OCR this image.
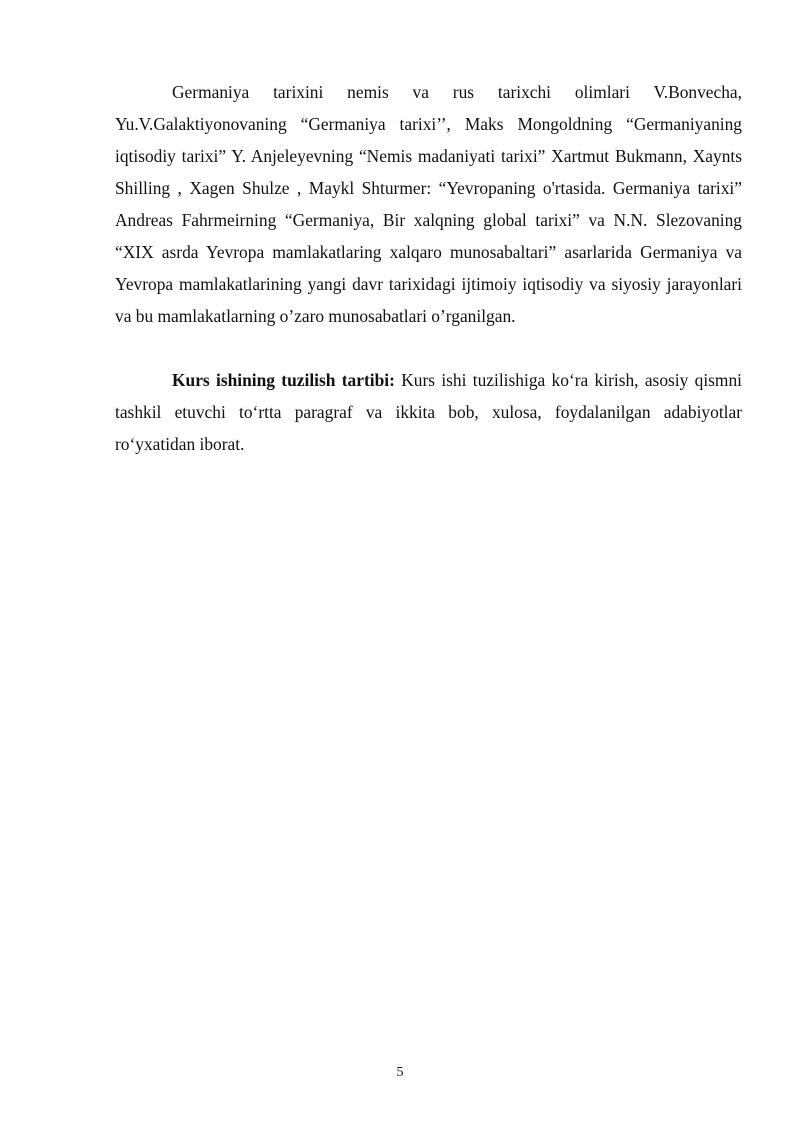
Germaniya tarixini nemis va rus tarixchi olimlari V.Bonvecha, Yu.V.Galaktiyonovaning “Germaniya tarixi’’, Maks Mongoldning “Germaniyaning iqtisodiy tarixi” Y. Anjeleyevning “Nemis madaniyati tarixi” Xartmut Bukmann, Xaynts Shilling , Xagen Shulze , Maykl Shturmer: “Yevropaning o'rtasida. Germaniya tarixi” Andreas Fahrmeirning “Germaniya, Bir xalqning global tarixi” va N.N. Slezovaning “XIX asrda Yevropa mamlakatlaring xalqaro munosabaltari” asarlarida Germaniya va Yevropa mamlakatlarining yangi davr tarixidagi ijtimoiy iqtisodiy va siyosiy jarayonlari va bu mamlakatlarning o’zaro munosabatlari o’rganilgan.

Kurs ishining tuzilish tartibi: Kurs ishi tuzilishiga ko‘ra kirish, asosiy qismni tashkil etuvchi to‘rtta paragraf va ikkita bob, xulosa, foydalanilgan adabiyotlar ro‘yxatidan iborat.

5
